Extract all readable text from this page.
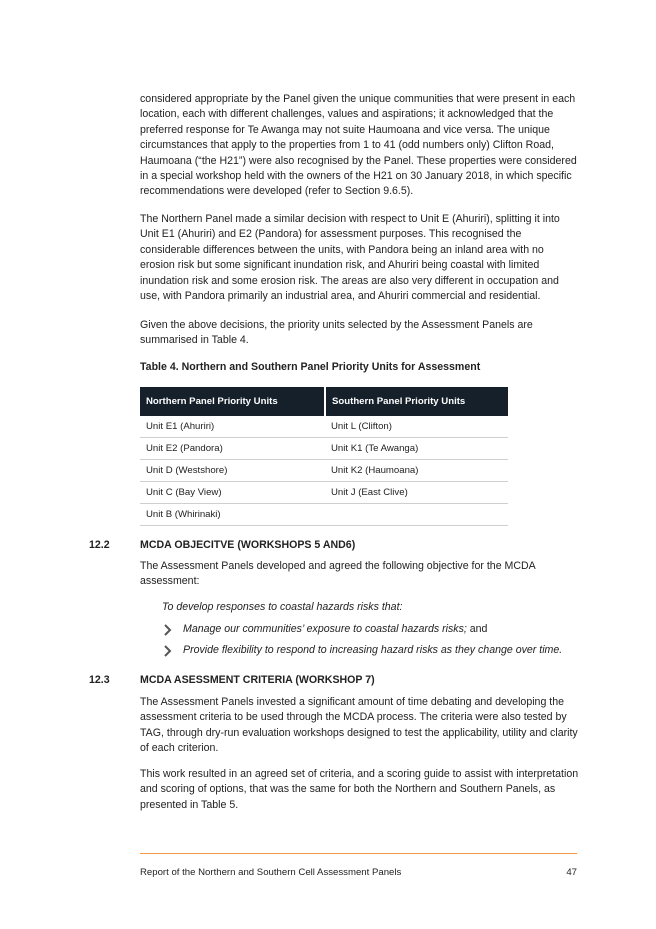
considered appropriate by the Panel given the unique communities that were present in each location, each with different challenges, values and aspirations; it acknowledged that the preferred response for Te Awanga may not suite Haumoana and vice versa. The unique circumstances that apply to the properties from 1 to 41 (odd numbers only) Clifton Road, Haumoana (“the H21”) were also recognised by the Panel. These properties were considered in a special workshop held with the owners of the H21 on 30 January 2018, in which specific recommendations were developed (refer to Section 9.6.5).

The Northern Panel made a similar decision with respect to Unit E (Ahuriri), splitting it into Unit E1 (Ahuriri) and E2 (Pandora) for assessment purposes. This recognised the considerable differences between the units, with Pandora being an inland area with no erosion risk but some significant inundation risk, and Ahuriri being coastal with limited inundation risk and some erosion risk. The areas are also very different in occupation and use, with Pandora primarily an industrial area, and Ahuriri commercial and residential.

Given the above decisions, the priority units selected by the Assessment Panels are summarised in Table 4.

Table 4. Northern and Southern Panel Priority Units for Assessment

Northern Panel Priority Units	Southern Panel Priority Units
Unit E1 (Ahuriri)	Unit L (Clifton)
Unit E2 (Pandora)	Unit K1 (Te Awanga)
Unit D (Westshore)	Unit K2 (Haumoana)
Unit C (Bay View)	Unit J (East Clive)
Unit B (Whirinaki)	
12.2	MCDA OBJECITVE (WORKSHOPS 5 AND6)

The Assessment Panels developed and agreed the following objective for the MCDA assessment:

To develop responses to coastal hazards risks that:
Manage our communities’ exposure to coastal hazards risks; and
Provide flexibility to respond to increasing hazard risks as they change over time.
12.3	MCDA ASESSMENT CRITERIA (WORKSHOP 7)

The Assessment Panels invested a significant amount of time debating and developing the assessment criteria to be used through the MCDA process. The criteria were also tested by TAG, through dry-run evaluation workshops designed to test the applicability, utility and clarity of each criterion.

This work resulted in an agreed set of criteria, and a scoring guide to assist with interpretation and scoring of options, that was the same for both the Northern and Southern Panels, as presented in Table 5.

Report of the Northern and Southern Cell Assessment Panels	47
